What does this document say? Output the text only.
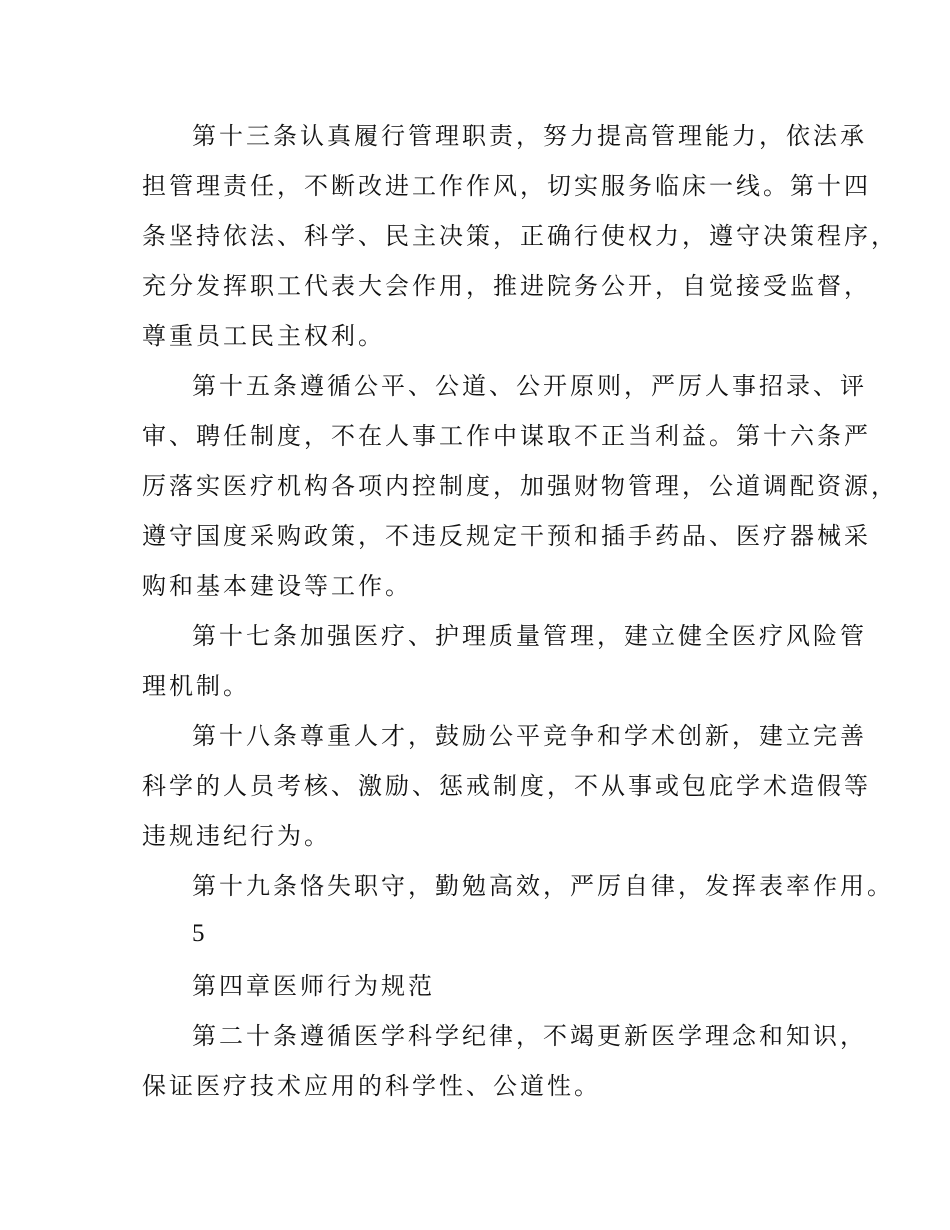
第十三条认真履行管理职责，努力提高管理能力，依法承
担管理责任，不断改进工作作风，切实服务临床一线。第十四
条坚持依法、科学、民主决策，正确行使权力，遵守决策程序，
充分发挥职工代表大会作用，推进院务公开，自觉接受监督，
尊重员工民主权利。
第十五条遵循公平、公道、公开原则，严厉人事招录、评
审、聘任制度，不在人事工作中谋取不正当利益。第十六条严
厉落实医疗机构各项内控制度，加强财物管理，公道调配资源，
遵守国度采购政策，不违反规定干预和插手药品、医疗器械采
购和基本建设等工作。
第十七条加强医疗、护理质量管理，建立健全医疗风险管
理机制。
第十八条尊重人才，鼓励公平竞争和学术创新，建立完善
科学的人员考核、激励、惩戒制度，不从事或包庇学术造假等
违规违纪行为。
第十九条恪失职守，勤勉高效，严厉自律，发挥表率作用。
5
第四章医师行为规范
第二十条遵循医学科学纪律，不竭更新医学理念和知识，
保证医疗技术应用的科学性、公道性。
